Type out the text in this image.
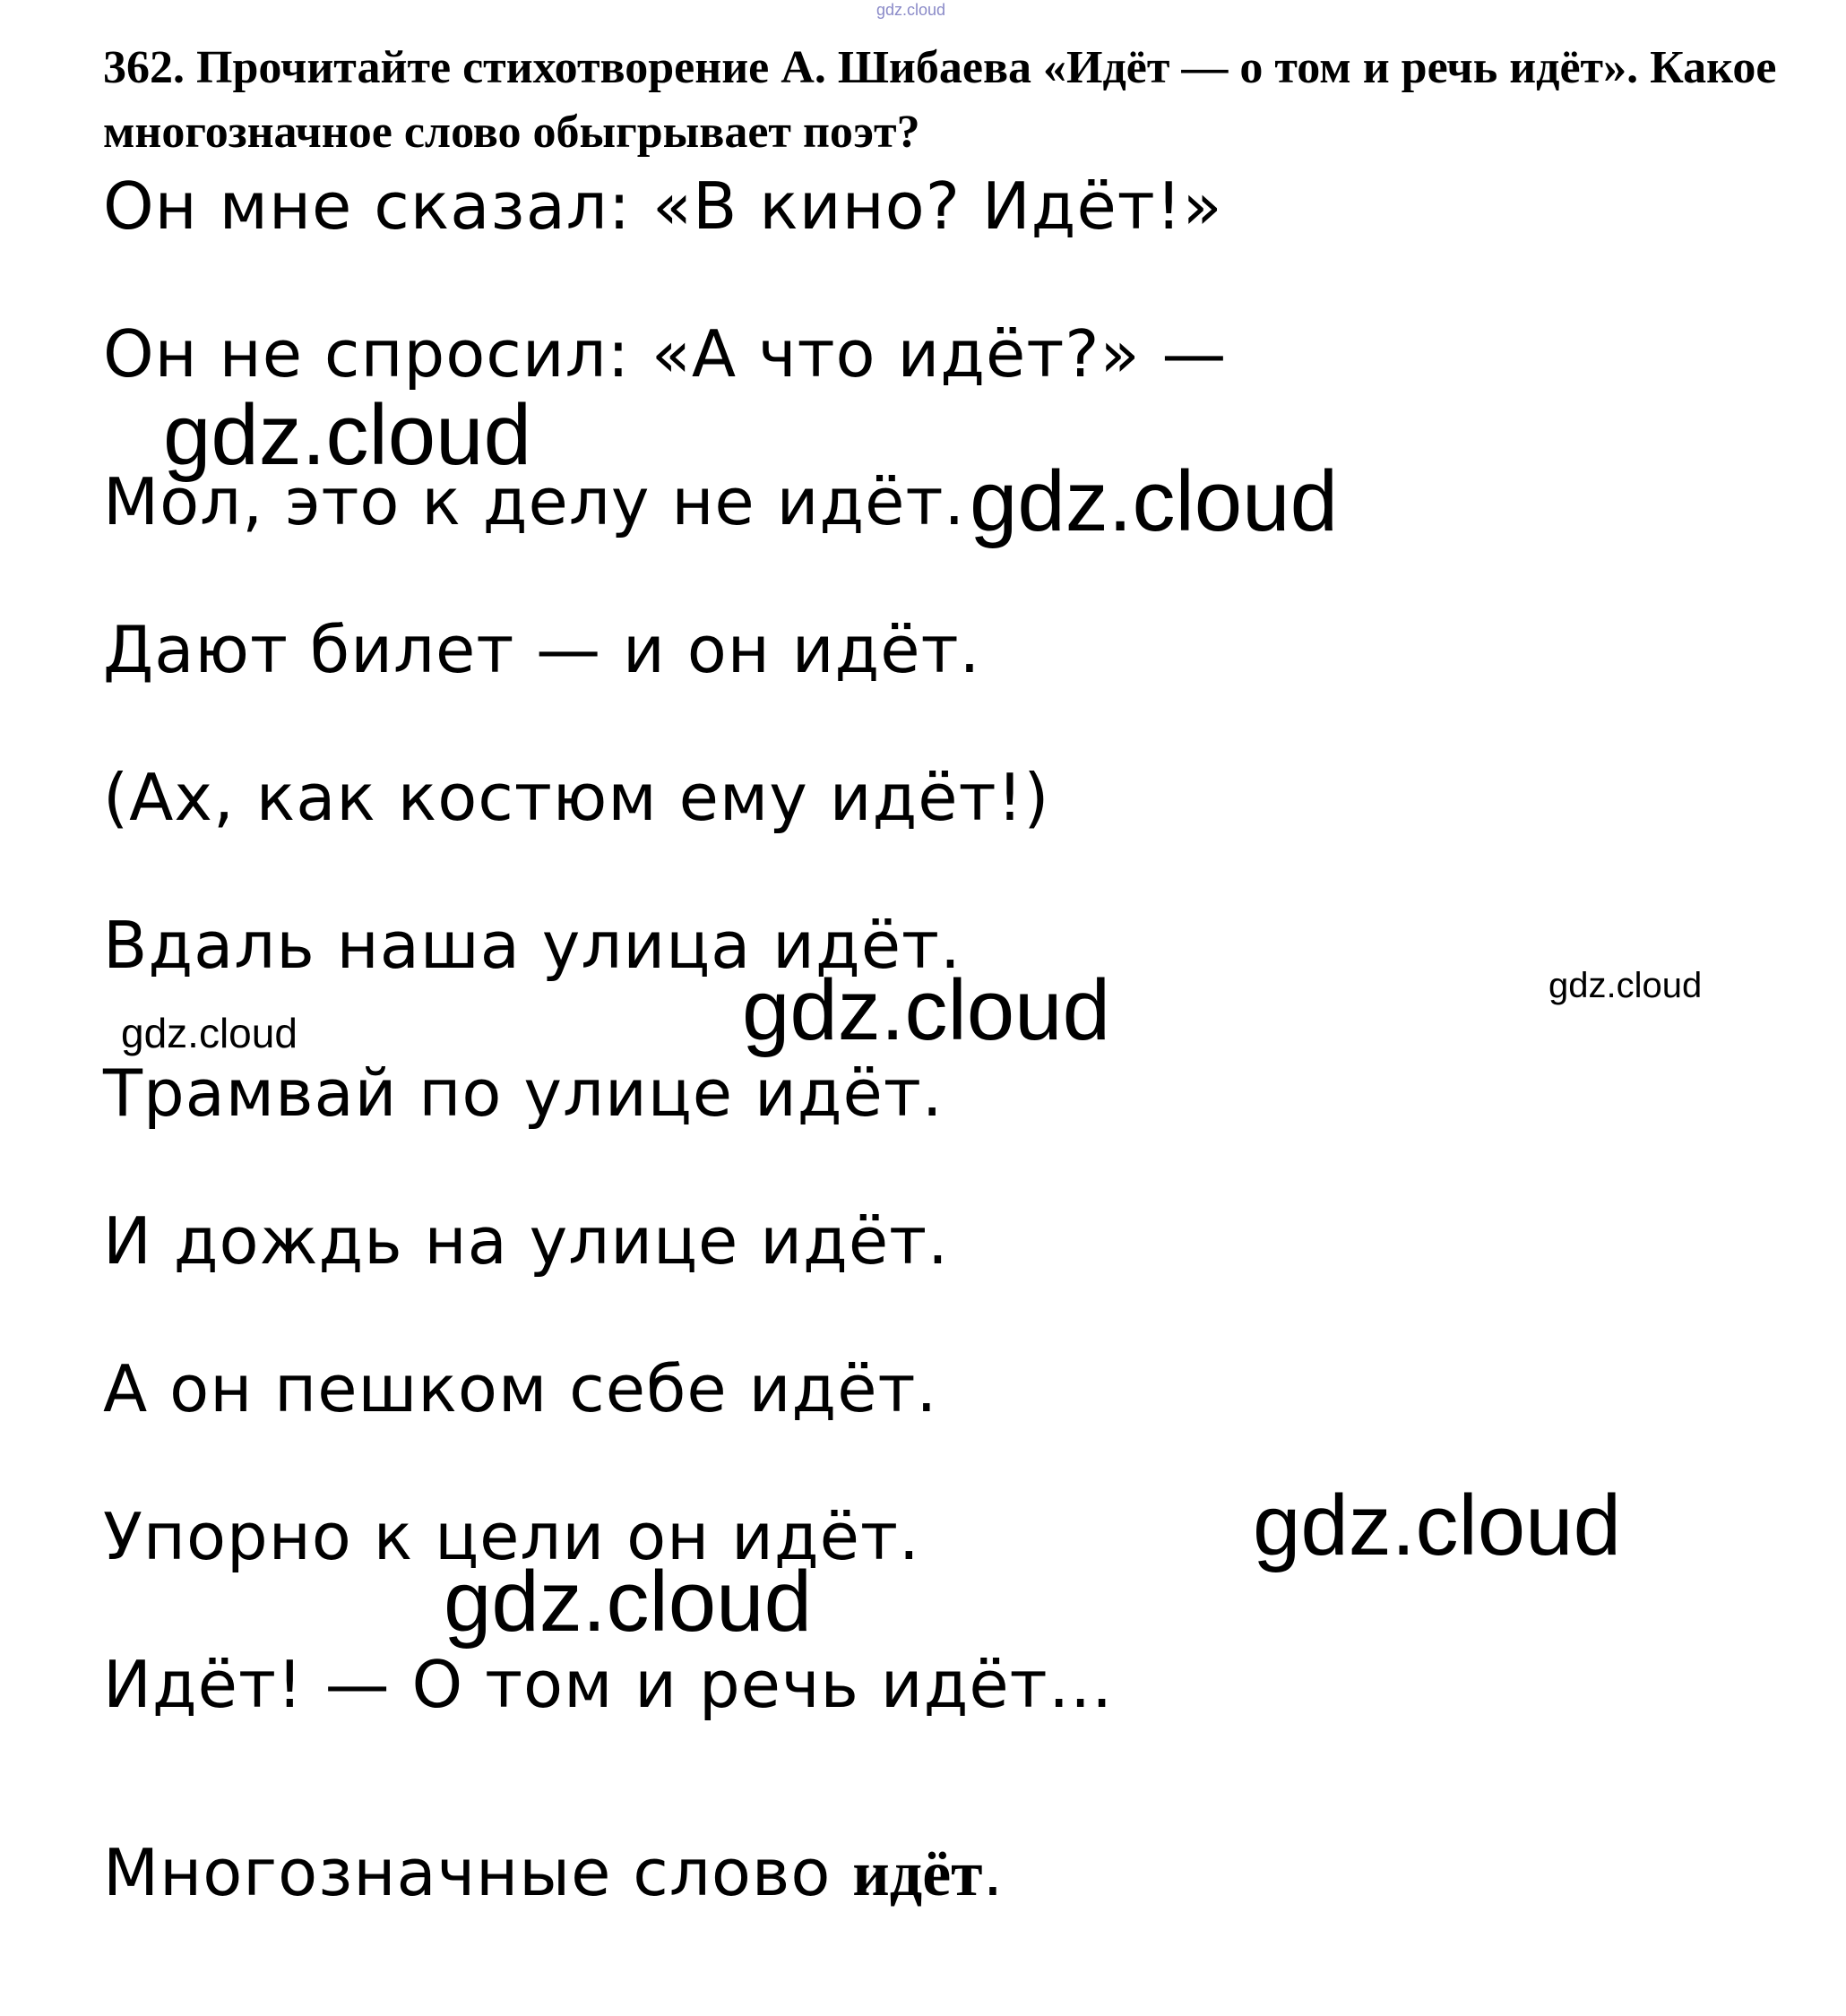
362. Прочитайте стихотворение А. Шибаева «Идёт — о том и речь идёт». Какое многозначное слово обыгрывает поэт?

Он мне сказал: «В кино? Идёт!»
Он не спросил: «А что идёт?» —
Мол, это к делу не идёт.
Дают билет — и он идёт.
(Ах, как костюм ему идёт!)
Вдаль наша улица идёт.
Трамвай по улице идёт.
И дождь на улице идёт.
А он пешком себе идёт.
Упорно к цели он идёт.
Идёт! — О том и речь идёт…

Многозначные слово идёт.

gdz.cloud
gdz.cloud
gdz.cloud
gdz.cloud	gdz.cloud
gdz.cloud
gdz.cloud
gdz.cloud
